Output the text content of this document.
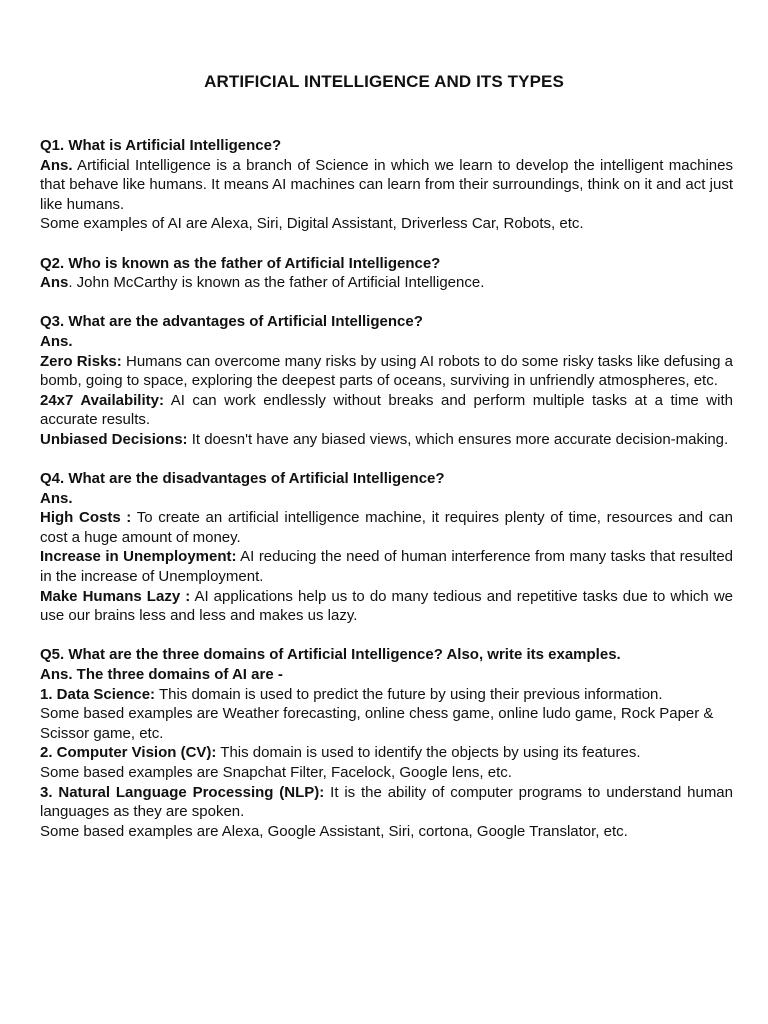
ARTIFICIAL INTELLIGENCE AND ITS TYPES

Q1. What is Artificial Intelligence?

Ans. Artificial Intelligence is a branch of Science in which we learn to develop the intelligent machines that behave like humans. It means AI machines can learn from their surroundings, think on it and act just like humans.

Some examples of AI are Alexa, Siri, Digital Assistant, Driverless Car, Robots, etc.

Q2. Who is known as the father of Artificial Intelligence?

Ans. John McCarthy is known as the father of Artificial Intelligence.

Q3. What are the advantages of Artificial Intelligence?

Ans.

Zero Risks: Humans can overcome many risks by using AI robots to do some risky tasks like defusing a bomb, going to space, exploring the deepest parts of oceans, surviving in unfriendly atmospheres, etc.

24x7 Availability: AI can work endlessly without breaks and perform multiple tasks at a time with accurate results.

Unbiased Decisions: It doesn't have any biased views, which ensures more accurate decision-making.

Q4. What are the disadvantages of Artificial Intelligence?

Ans.

High Costs : To create an artificial intelligence machine, it requires plenty of time, resources and can cost a huge amount of money.

Increase in Unemployment: AI reducing the need of human interference from many tasks that resulted in the increase of Unemployment.

Make Humans Lazy : AI applications help us to do many tedious and repetitive tasks due to which we use our brains less and less and makes us lazy.

Q5. What are the three domains of Artificial Intelligence? Also, write its examples.

Ans. The three domains of AI are -

1. Data Science: This domain is used to predict the future by using their previous information.

Some based examples are Weather forecasting, online chess game, online ludo game, Rock Paper & Scissor game, etc.

2. Computer Vision (CV): This domain is used to identify the objects by using its features.

Some based examples are Snapchat Filter, Facelock, Google lens, etc.

3. Natural Language Processing (NLP): It is the ability of computer programs to understand human languages as they are spoken.

Some based examples are Alexa, Google Assistant, Siri, cortona, Google Translator, etc.
